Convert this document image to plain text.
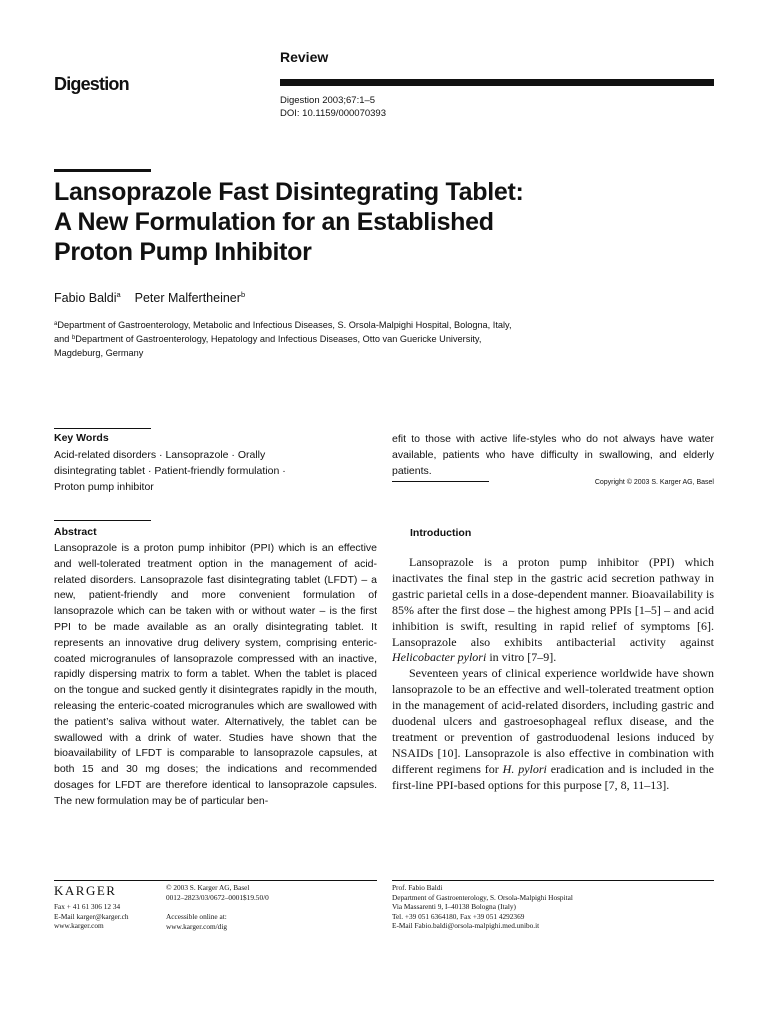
Review
Digestion
Digestion 2003;67:1–5
DOI: 10.1159/000070393
Lansoprazole Fast Disintegrating Tablet:
A New Formulation for an Established
Proton Pump Inhibitor
Fabio Baldi$^a$ Peter Malfertheiner$^b$
$^a$Department of Gastroenterology, Metabolic and Infectious Diseases, S. Orsola-Malpighi Hospital, Bologna, Italy,
and $^b$Department of Gastroenterology, Hepatology and Infectious Diseases, Otto van Guericke University,
Magdeburg, Germany
Key Words
Acid-related disorders · Lansoprazole · Orally
disintegrating tablet · Patient-friendly formulation ·
Proton pump inhibitor
Abstract
Lansoprazole is a proton pump inhibitor (PPI) which is an effective and well-tolerated treatment option in the management of acid-related disorders. Lansoprazole fast disintegrating tablet (LFDT) – a new, patient-friendly and more convenient formulation of lansoprazole which can be taken with or without water – is the first PPI to be made available as an orally disintegrating tablet. It represents an innovative drug delivery system, comprising enteric-coated microgranules of lansoprazole compressed with an inactive, rapidly dispersing matrix to form a tablet. When the tablet is placed on the tongue and sucked gently it disintegrates rapidly in the mouth, releasing the enteric-coated microgranules which are swallowed with the patient’s saliva without water. Alternatively, the tablet can be swallowed with a drink of water. Studies have shown that the bioavailability of LFDT is comparable to lansoprazole capsules, at both 15 and 30 mg doses; the indications and recommended dosages for LFDT are therefore identical to lansoprazole capsules. The new formulation may be of particular ben-
efit to those with active life-styles who do not always have water available, patients who have difficulty in swallowing, and elderly patients.
Copyright © 2003 S. Karger AG, Basel
Introduction

Lansoprazole is a proton pump inhibitor (PPI) which inactivates the final step in the gastric acid secretion pathway in gastric parietal cells in a dose-dependent manner. Bioavailability is 85% after the first dose – the highest among PPIs [1–5] – and acid inhibition is swift, resulting in rapid relief of symptoms [6]. Lansoprazole also exhibits antibacterial activity against Helicobacter pylori in vitro [7–9].

Seventeen years of clinical experience worldwide have shown lansoprazole to be an effective and well-tolerated treatment option in the management of acid-related disorders, including gastric and duodenal ulcers and gastroesophageal reflux disease, and the treatment or prevention of gastroduodenal lesions induced by NSAIDs [10]. Lansoprazole is also effective in combination with different regimens for H. pylori eradication and is included in the first-line PPI-based options for this purpose [7, 8, 11–13].

KARGER
Fax + 41 61 306 12 34
E-Mail karger@karger.ch
www.karger.com
© 2003 S. Karger AG, Basel
0012–2823/03/0672–0001$19.50/0
Accessible online at:
www.karger.com/dig
Prof. Fabio Baldi
Department of Gastroenterology, S. Orsola-Malpighi Hospital
Via Massarenti 9, I–40138 Bologna (Italy)
Tel. +39 051 6364180, Fax +39 051 4292369
E-Mail Fabio.baldi@orsola-malpighi.med.unibo.it
